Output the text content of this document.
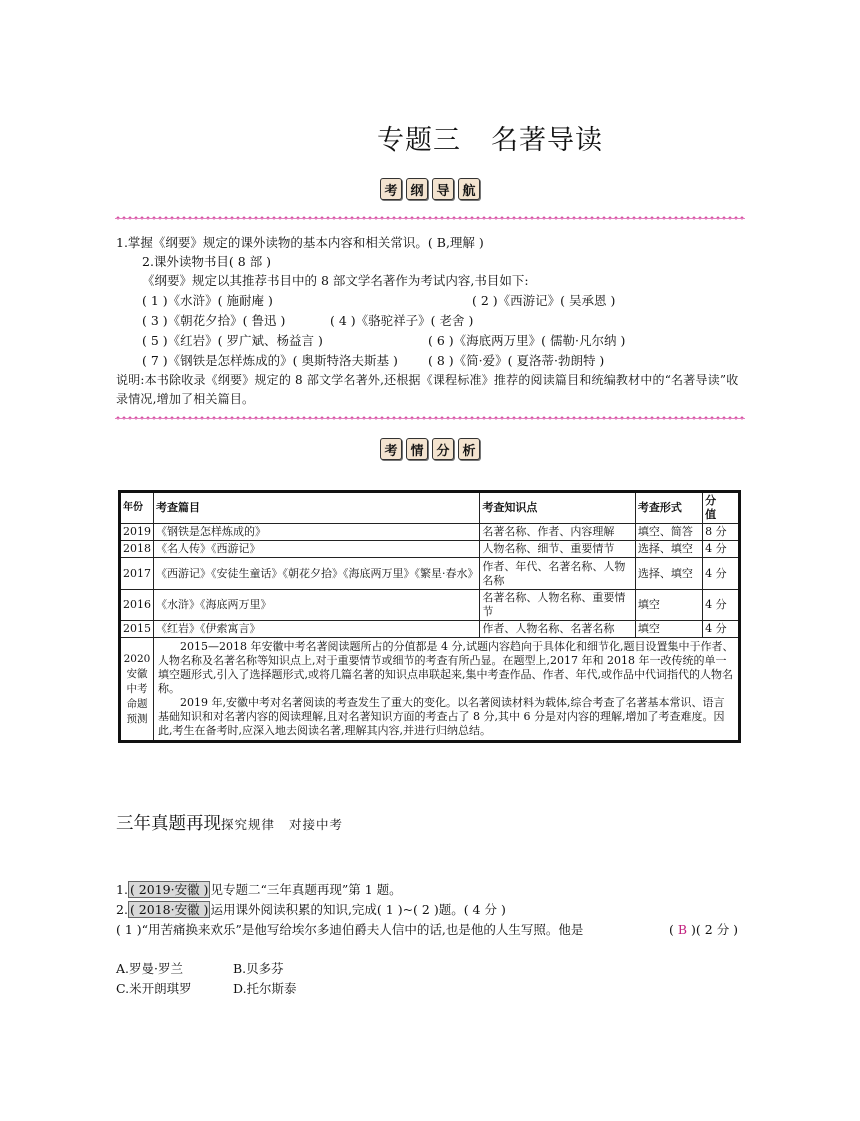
专题三 名著导读
考 纲 导 航
1.掌握《纲要》规定的课外读物的基本内容和相关常识。( B,理解 )
2.课外读物书目( 8 部 )
《纲要》规定以其推荐书目中的 8 部文学名著作为考试内容,书目如下:
( 1 )《水浒》( 施耐庵 )	( 2 )《西游记》( 吴承恩 )
( 3 )《朝花夕拾》( 鲁迅 )	( 4 )《骆驼祥子》( 老舍 )
( 5 )《红岩》( 罗广斌、杨益言 )	( 6 )《海底两万里》( 儒勒·凡尔纳 )
( 7 )《钢铁是怎样炼成的》( 奥斯特洛夫斯基 ) ( 8 )《简·爱》( 夏洛蒂·勃朗特 )
说明:本书除收录《纲要》规定的 8 部文学名著外,还根据《课程标准》推荐的阅读篇目和统编教材中的“名著导读”收录情况,增加了相关篇目。
考 情 分 析
年份	考查篇目	考查知识点	考查形式	分　值
2019	《钢铁是怎样炼成的》	名著名称、作者、内容理解	填空、简答	8 分
2018	《名人传》《西游记》	人物名称、细节、重要情节	选择、填空	4 分
2017	《西游记》《安徒生童话》《朝花夕拾》《海底两万里》《繁星·春水》	作者、年代、名著名称、人物名称	选择、填空	4 分
2016	《水浒》《海底两万里》	名著名称、人物名称、重要情节	填空	4 分
2015	《红岩》《伊索寓言》	作者、人物名称、名著名称	填空	4 分
2020安徽中考命题预测	2015—2018 年安徽中考名著阅读题所占的分值都是 4 分,试题内容趋向于具体化和细节化,题目设置集中于作者、人物名称及名著名称等知识点上,对于重要情节或细节的考查有所凸显。在题型上,2017 年和 2018 年一改传统的单一填空题形式,引入了选择题形式,或将几篇名著的知识点串联起来,集中考查作品、作者、年代,或作品中代词指代的人物名称。

2019 年,安徽中考对名著阅读的考查发生了重大的变化。以名著阅读材料为载体,综合考查了名著基本常识、语言基础知识和对名著内容的阅读理解,且对名著知识方面的考查占了 8 分,其中 6 分是对内容的理解,增加了考查难度。因此,考生在备考时,应深入地去阅读名著,理解其内容,并进行归纳总结。			

三年真题再现探究规律 对接中考
1. ( 2019·安徽 ) 见专题二“三年真题再现”第 1 题。
2. ( 2018·安徽 ) 运用课外阅读积累的知识,完成( 1 )~( 2 )题。( 4 分 )
( 1 )“用苦痛换来欢乐”是他写给埃尔多迪伯爵夫人信中的话,也是他的人生写照。他是	( B )( 2 分 )
A.罗曼·罗兰	B.贝多芬
C.米开朗琪罗	D.托尔斯泰
